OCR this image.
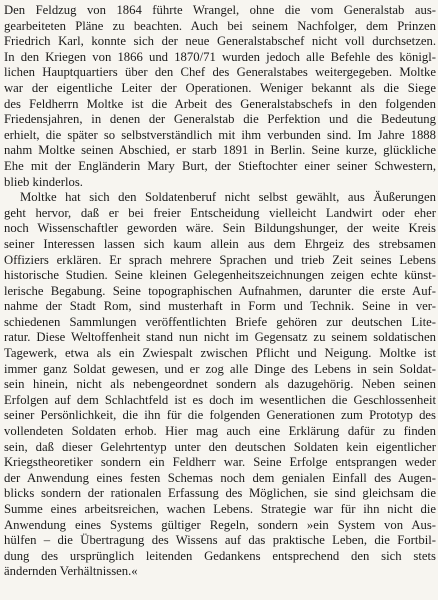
Den Feldzug von 1864 führte Wrangel, ohne die vom Generalstab aus-
gearbeiteten Pläne zu beachten. Auch bei seinem Nachfolger, dem Prinzen
Friedrich Karl, konnte sich der neue Generalstabschef nicht voll durchsetzen.
In den Kriegen von 1866 und 1870/71 wurden jedoch alle Befehle des königl-
lichen Hauptquartiers über den Chef des Generalstabes weitergegeben. Moltke
war der eigentliche Leiter der Operationen. Weniger bekannt als die Siege
des Feldherrn Moltke ist die Arbeit des Generalstabschefs in den folgenden
Friedensjahren, in denen der Generalstab die Perfektion und die Bedeutung
erhielt, die später so selbstverständlich mit ihm verbunden sind. Im Jahre 1888
nahm Moltke seinen Abschied, er starb 1891 in Berlin. Seine kurze, glückliche
Ehe mit der Engländerin Mary Burt, der Stieftochter einer seiner Schwestern,
blieb kinderlos.
Moltke hat sich den Soldatenberuf nicht selbst gewählt, aus Äußerungen
geht hervor, daß er bei freier Entscheidung vielleicht Landwirt oder eher
noch Wissenschaftler geworden wäre. Sein Bildungshunger, der weite Kreis
seiner Interessen lassen sich kaum allein aus dem Ehrgeiz des strebsamen
Offiziers erklären. Er sprach mehrere Sprachen und trieb Zeit seines Lebens
historische Studien. Seine kleinen Gelegenheitszeichnungen zeigen echte künst-
lerische Begabung. Seine topographischen Aufnahmen, darunter die erste Auf-
nahme der Stadt Rom, sind musterhaft in Form und Technik. Seine in ver-
schiedenen Sammlungen veröffentlichten Briefe gehören zur deutschen Lite-
ratur. Diese Weltoffenheit stand nun nicht im Gegensatz zu seinem soldatischen
Tagewerk, etwa als ein Zwiespalt zwischen Pflicht und Neigung. Moltke ist
immer ganz Soldat gewesen, und er zog alle Dinge des Lebens in sein Soldat-
sein hinein, nicht als nebengeordnet sondern als dazugehörig. Neben seinen
Erfolgen auf dem Schlachtfeld ist es doch im wesentlichen die Geschlossenheit
seiner Persönlichkeit, die ihn für die folgenden Generationen zum Prototyp des
vollendeten Soldaten erhob. Hier mag auch eine Erklärung dafür zu finden
sein, daß dieser Gelehrtentyp unter den deutschen Soldaten kein eigentlicher
Kriegstheoretiker sondern ein Feldherr war. Seine Erfolge entsprangen weder
der Anwendung eines festen Schemas noch dem genialen Einfall des Augen-
blicks sondern der rationalen Erfassung des Möglichen, sie sind gleichsam die
Summe eines arbeitsreichen, wachen Lebens. Strategie war für ihn nicht die
Anwendung eines Systems gültiger Regeln, sondern »ein System von Aus-
hülfen – die Übertragung des Wissens auf das praktische Leben, die Fortbil-
dung des ursprünglich leitenden Gedankens entsprechend den sich stets
ändernden Verhältnissen.«
